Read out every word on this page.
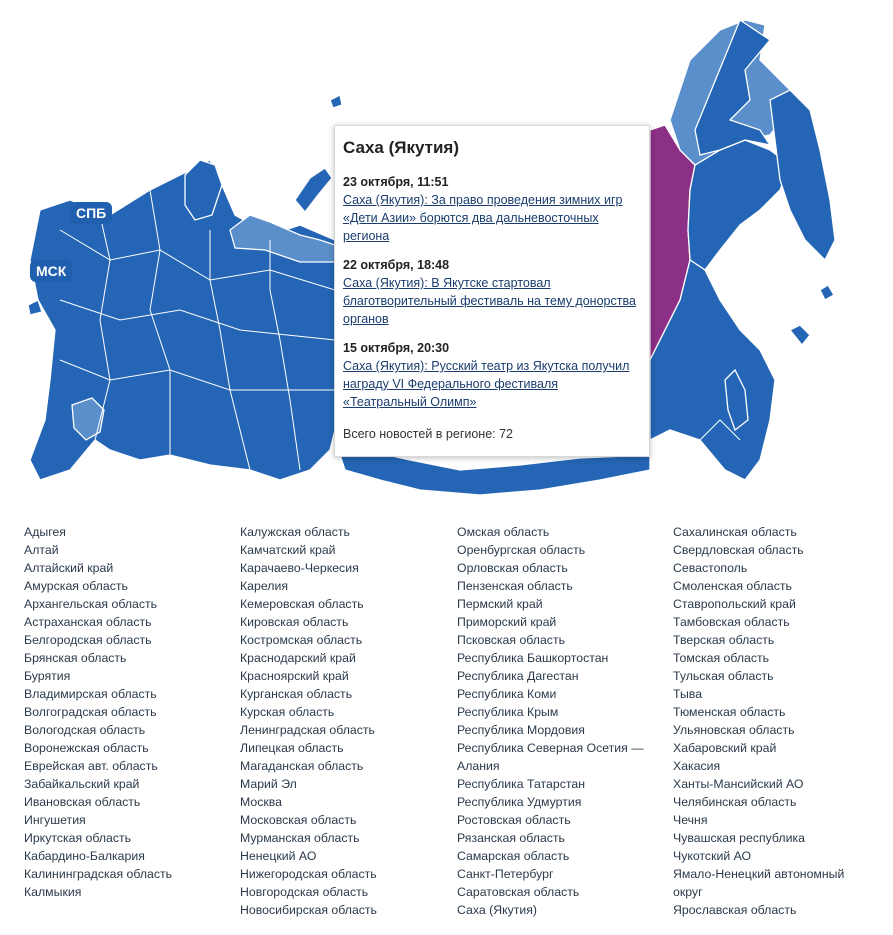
СПБ
МСК
Саха (Якутия)
23 октября, 11:51
Саха (Якутия): За право проведения зимних игр «Дети Азии» борются два дальневосточных региона
22 октября, 18:48
Саха (Якутия): В Якутске стартовал благотворительный фестиваль на тему донорства органов
15 октября, 20:30
Саха (Якутия): Русский театр из Якутска получил награду VI Федерального фестиваля «Театральный Олимп»
Всего новостей в регионе: 72
Адыгея
Алтай
Алтайский край
Амурская область
Архангельская область
Астраханская область
Белгородская область
Брянская область
Бурятия
Владимирская область
Волгоградская область
Вологодская область
Воронежская область
Еврейская авт. область
Забайкальский край
Ивановская область
Ингушетия
Иркутская область
Кабардино-Балкария
Калининградская область
Калмыкия
Калужская область
Камчатский край
Карачаево-Черкесия
Карелия
Кемеровская область
Кировская область
Костромская область
Краснодарский край
Красноярский край
Курганская область
Курская область
Ленинградская область
Липецкая область
Магаданская область
Марий Эл
Москва
Московская область
Мурманская область
Ненецкий АО
Нижегородская область
Новгородская область
Новосибирская область
Омская область
Оренбургская область
Орловская область
Пензенская область
Пермский край
Приморский край
Псковская область
Республика Башкортостан
Республика Дагестан
Республика Коми
Республика Крым
Республика Мордовия
Республика Северная Осетия — Алания
Республика Татарстан
Республика Удмуртия
Ростовская область
Рязанская область
Самарская область
Санкт-Петербург
Саратовская область
Саха (Якутия)
Сахалинская область
Свердловская область
Севастополь
Смоленская область
Ставропольский край
Тамбовская область
Тверская область
Томская область
Тульская область
Тыва
Тюменская область
Ульяновская область
Хабаровский край
Хакасия
Ханты-Мансийский АО
Челябинская область
Чечня
Чувашская республика
Чукотский АО
Ямало-Ненецкий автономный округ
Ярославская область
